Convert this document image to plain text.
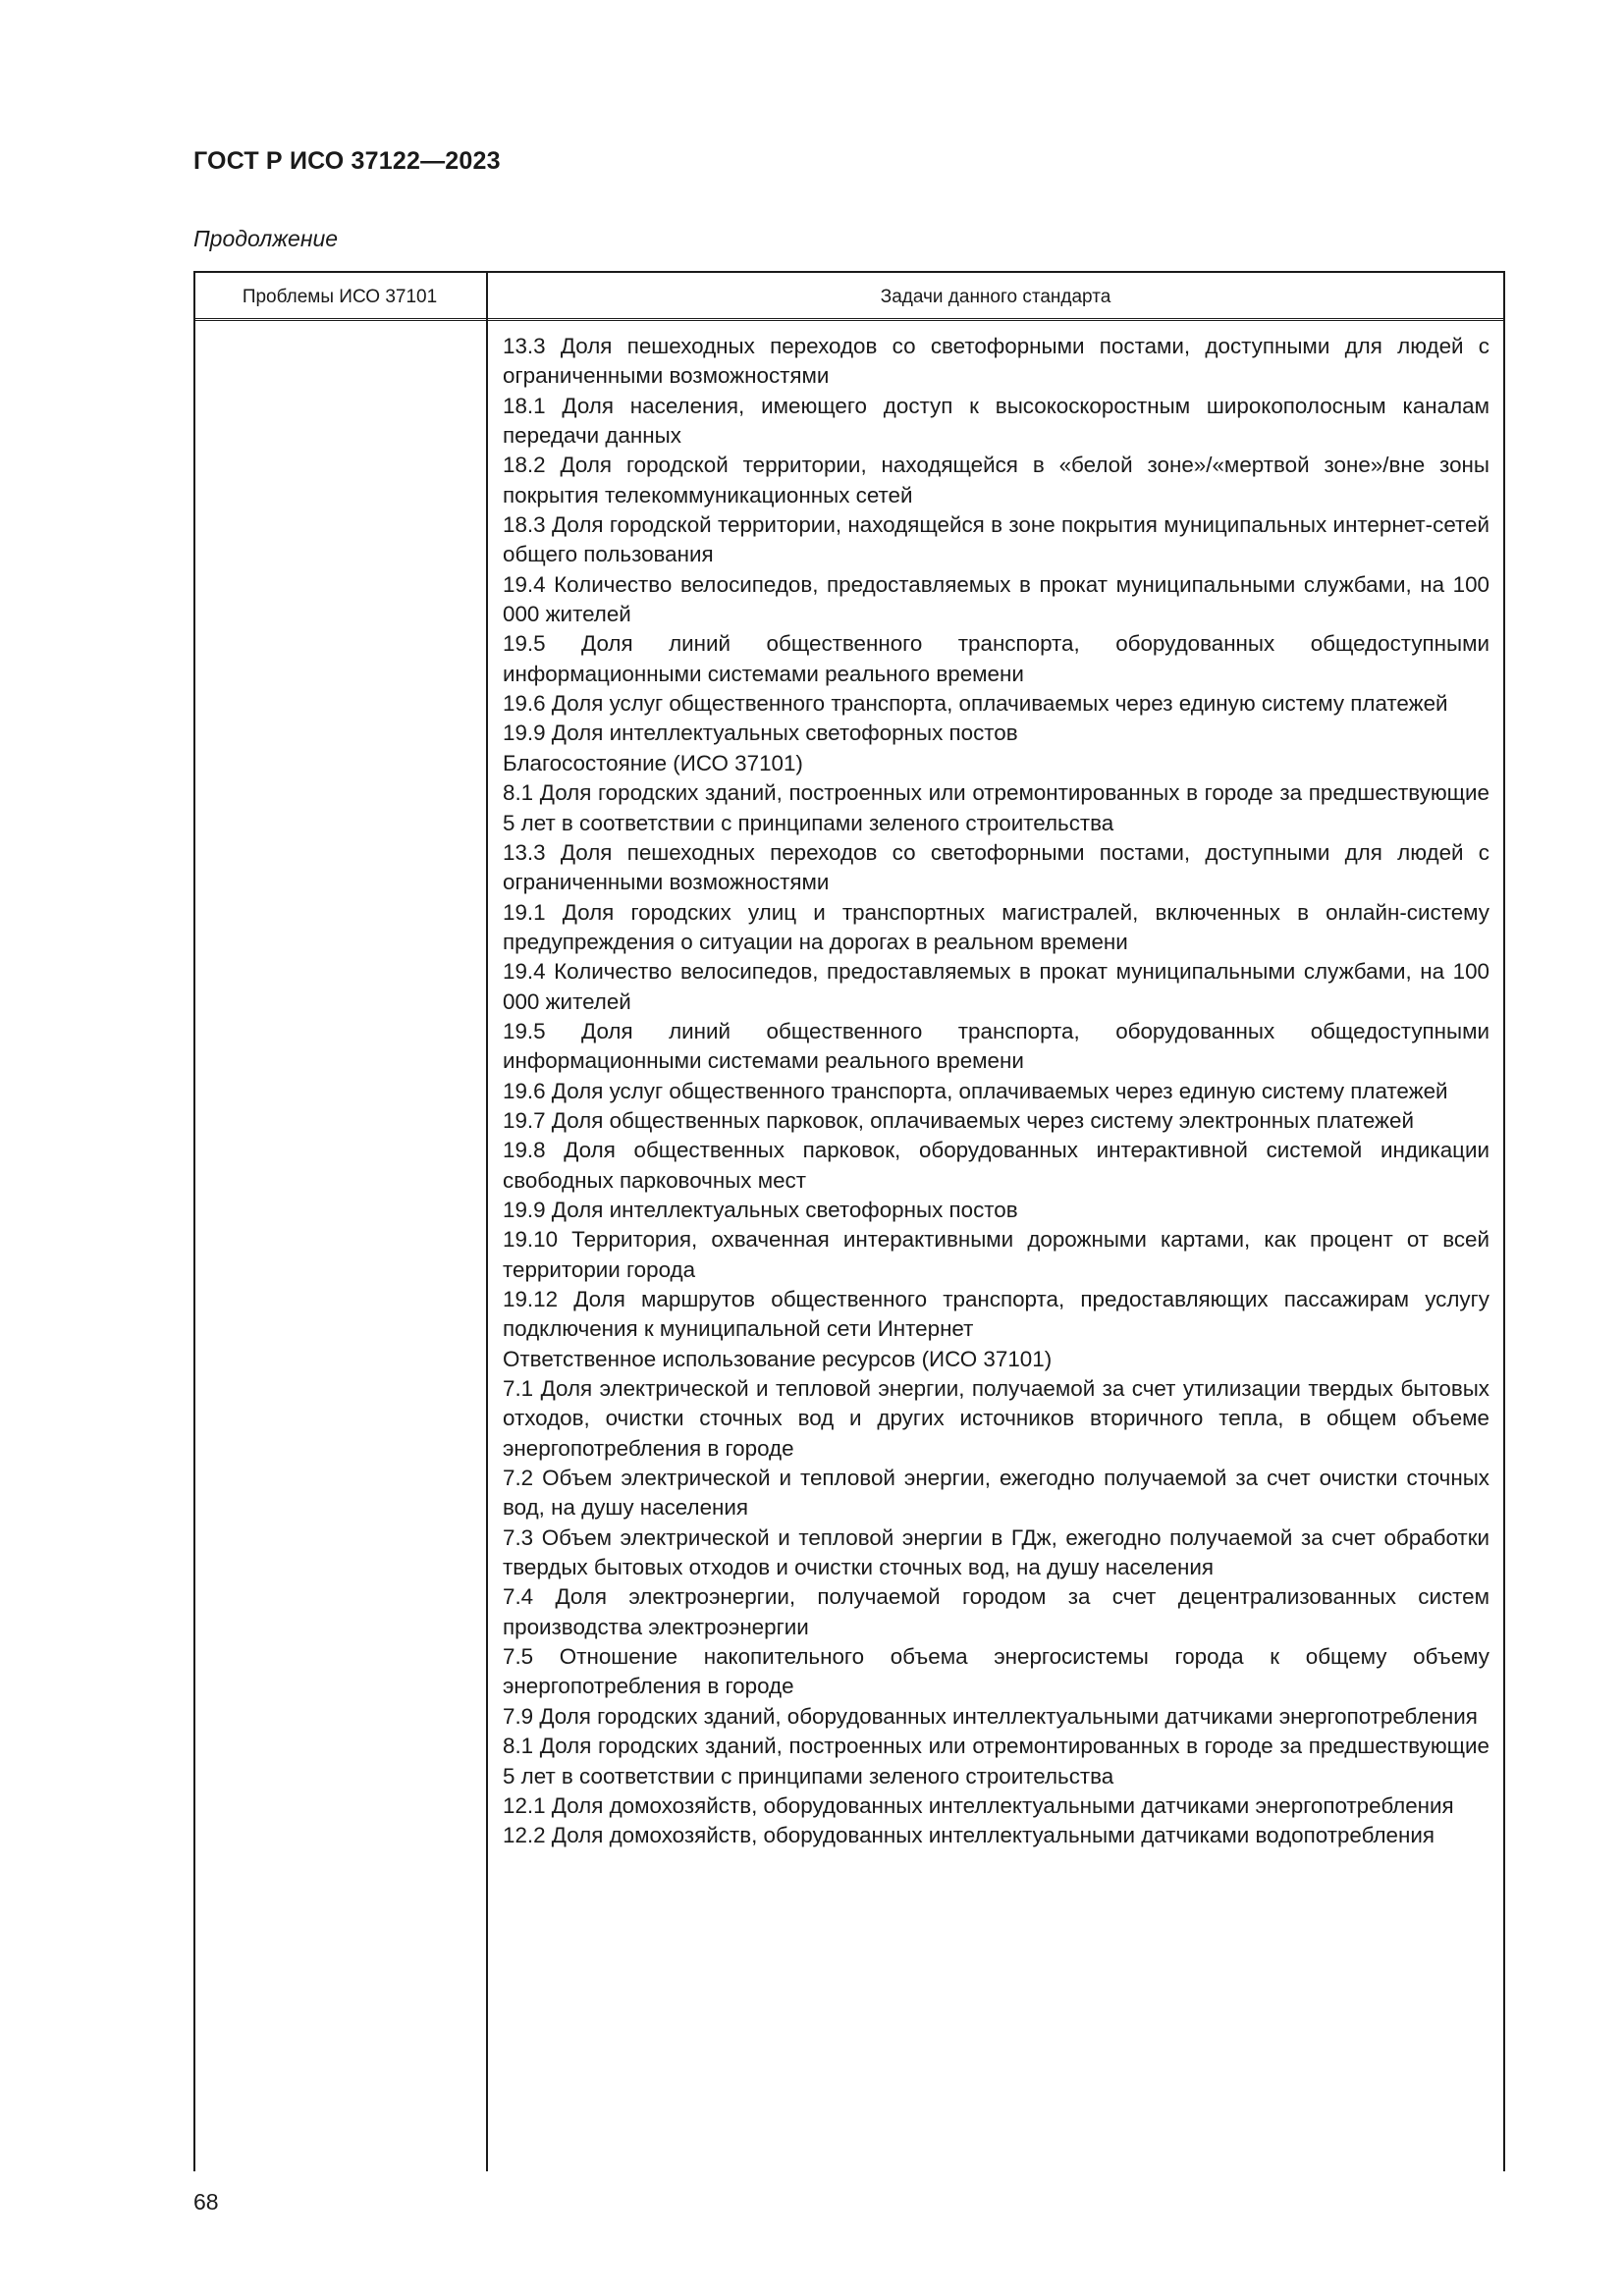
ГОСТ Р ИСО 37122—2023
Продолжение
Проблемы ИСО 37101	Задачи данного стандарта

13.3 Доля пешеходных переходов со светофорными постами, доступными для людей с ограниченными возможностями

18.1 Доля населения, имеющего доступ к высокоскоростным широкополосным каналам передачи данных

18.2 Доля городской территории, находящейся в «белой зоне»/«мертвой зоне»/вне зоны покрытия телекоммуникационных сетей

18.3 Доля городской территории, находящейся в зоне покрытия муниципальных интернет-сетей общего пользования

19.4 Количество велосипедов, предоставляемых в прокат муниципальными службами, на 100 000 жителей

19.5 Доля линий общественного транспорта, оборудованных общедоступными информационными системами реального времени

19.6 Доля услуг общественного транспорта, оплачиваемых через единую систему платежей

19.9 Доля интеллектуальных светофорных постов

Благосостояние (ИСО 37101)

8.1 Доля городских зданий, построенных или отремонтированных в городе за предшествующие 5 лет в соответствии с принципами зеленого строительства

13.3 Доля пешеходных переходов со светофорными постами, доступными для людей с ограниченными возможностями

19.1 Доля городских улиц и транспортных магистралей, включенных в онлайн-систему предупреждения о ситуации на дорогах в реальном времени

19.4 Количество велосипедов, предоставляемых в прокат муниципальными службами, на 100 000 жителей

19.5 Доля линий общественного транспорта, оборудованных общедоступными информационными системами реального времени

19.6 Доля услуг общественного транспорта, оплачиваемых через единую систему платежей

19.7 Доля общественных парковок, оплачиваемых через систему электронных платежей

19.8 Доля общественных парковок, оборудованных интерактивной системой индикации свободных парковочных мест

19.9 Доля интеллектуальных светофорных постов

19.10 Территория, охваченная интерактивными дорожными картами, как процент от всей территории города

19.12 Доля маршрутов общественного транспорта, предоставляющих пассажирам услугу подключения к муниципальной сети Интернет

Ответственное использование ресурсов (ИСО 37101)

7.1 Доля электрической и тепловой энергии, получаемой за счет утилизации твердых бытовых отходов, очистки сточных вод и других источников вторичного тепла, в общем объеме энергопотребления в городе

7.2 Объем электрической и тепловой энергии, ежегодно получаемой за счет очистки сточных вод, на душу населения

7.3 Объем электрической и тепловой энергии в ГДж, ежегодно получаемой за счет обработки твердых бытовых отходов и очистки сточных вод, на душу населения

7.4 Доля электроэнергии, получаемой городом за счет децентрализованных систем производства электроэнергии

7.5 Отношение накопительного объема энергосистемы города к общему объему энергопотребления в городе

7.9 Доля городских зданий, оборудованных интеллектуальными датчиками энергопотребления

8.1 Доля городских зданий, построенных или отремонтированных в городе за предшествующие 5 лет в соответствии с принципами зеленого строительства

12.1 Доля домохозяйств, оборудованных интеллектуальными датчиками энергопотребления

12.2 Доля домохозяйств, оборудованных интеллектуальными датчиками водопотребления

68
